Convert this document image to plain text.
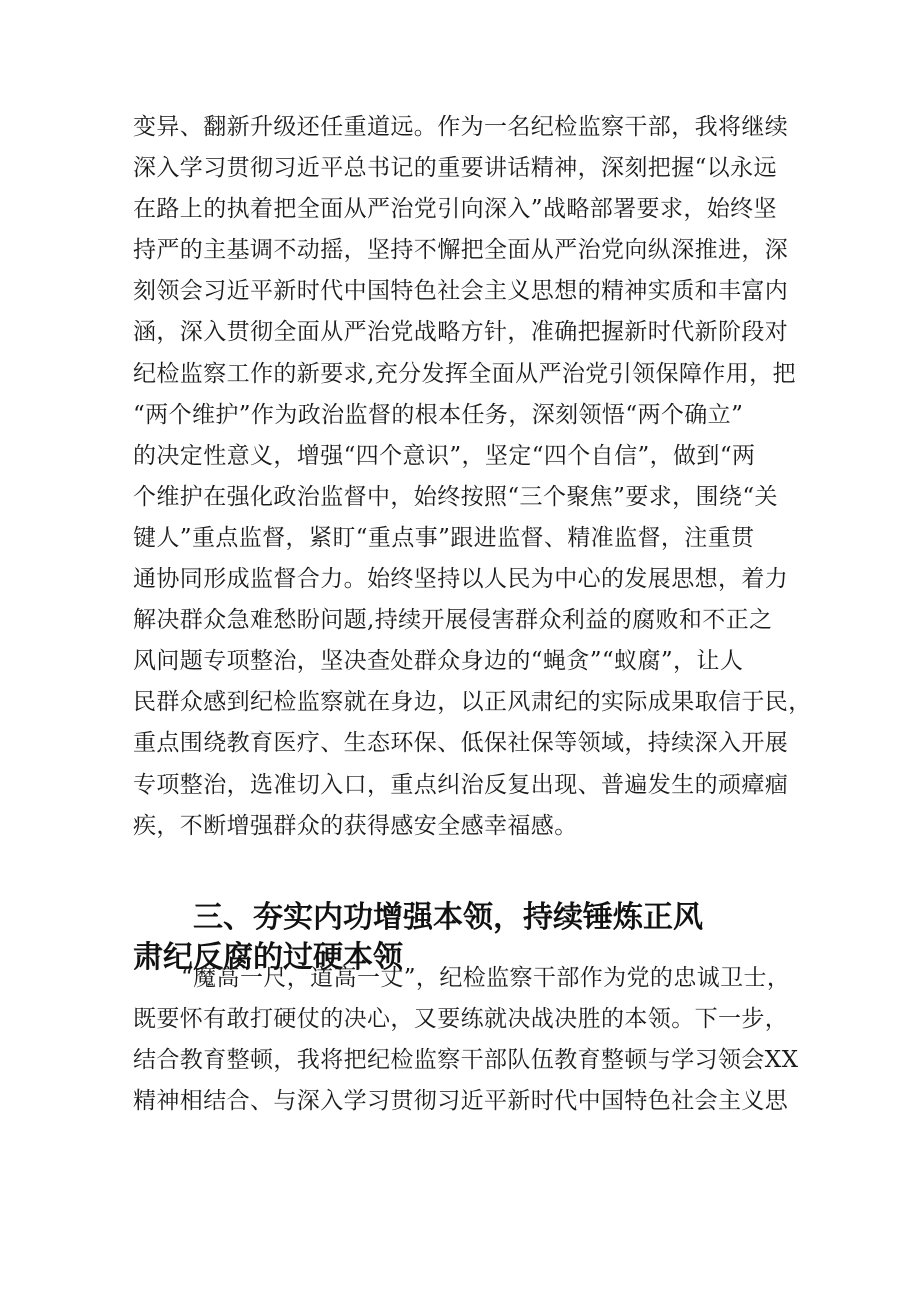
变异、翻新升级还任重道远。作为一名纪检监察干部，我将继续
深入学习贯彻习近平总书记的重要讲话精神，深刻把握“以永远
在路上的执着把全面从严治党引向深入”战略部署要求，始终坚
持严的主基调不动摇，坚持不懈把全面从严治党向纵深推进，深
刻领会习近平新时代中国特色社会主义思想的精神实质和丰富内
涵，深入贯彻全面从严治党战略方针，准确把握新时代新阶段对
纪检监察工作的新要求,充分发挥全面从严治党引领保障作用，把
“两个维护”作为政治监督的根本任务，深刻领悟“两个确立”
的决定性意义，增强“四个意识”，坚定“四个自信”，做到“两
个维护在强化政治监督中，始终按照“三个聚焦”要求，围绕“关
键人”重点监督，紧盯“重点事”跟进监督、精准监督，注重贯
通协同形成监督合力。始终坚持以人民为中心的发展思想，着力
解决群众急难愁盼问题,持续开展侵害群众利益的腐败和不正之
风问题专项整治，坚决查处群众身边的“蝇贪”“蚁腐”，让人
民群众感到纪检监察就在身边，以正风肃纪的实际成果取信于民，
重点围绕教育医疗、生态环保、低保社保等领域，持续深入开展
专项整治，选准切入口，重点纠治反复出现、普遍发生的顽瘴痼
疾，不断增强群众的获得感安全感幸福感。
三、夯实内功增强本领，持续锤炼正风
肃纪反腐的过硬本领
“魔高一尺，道高一丈”，纪检监察干部作为党的忠诚卫士，
既要怀有敢打硬仗的决心，又要练就决战决胜的本领。下一步，
结合教育整顿，我将把纪检监察干部队伍教育整顿与学习领会XX
精神相结合、与深入学习贯彻习近平新时代中国特色社会主义思
